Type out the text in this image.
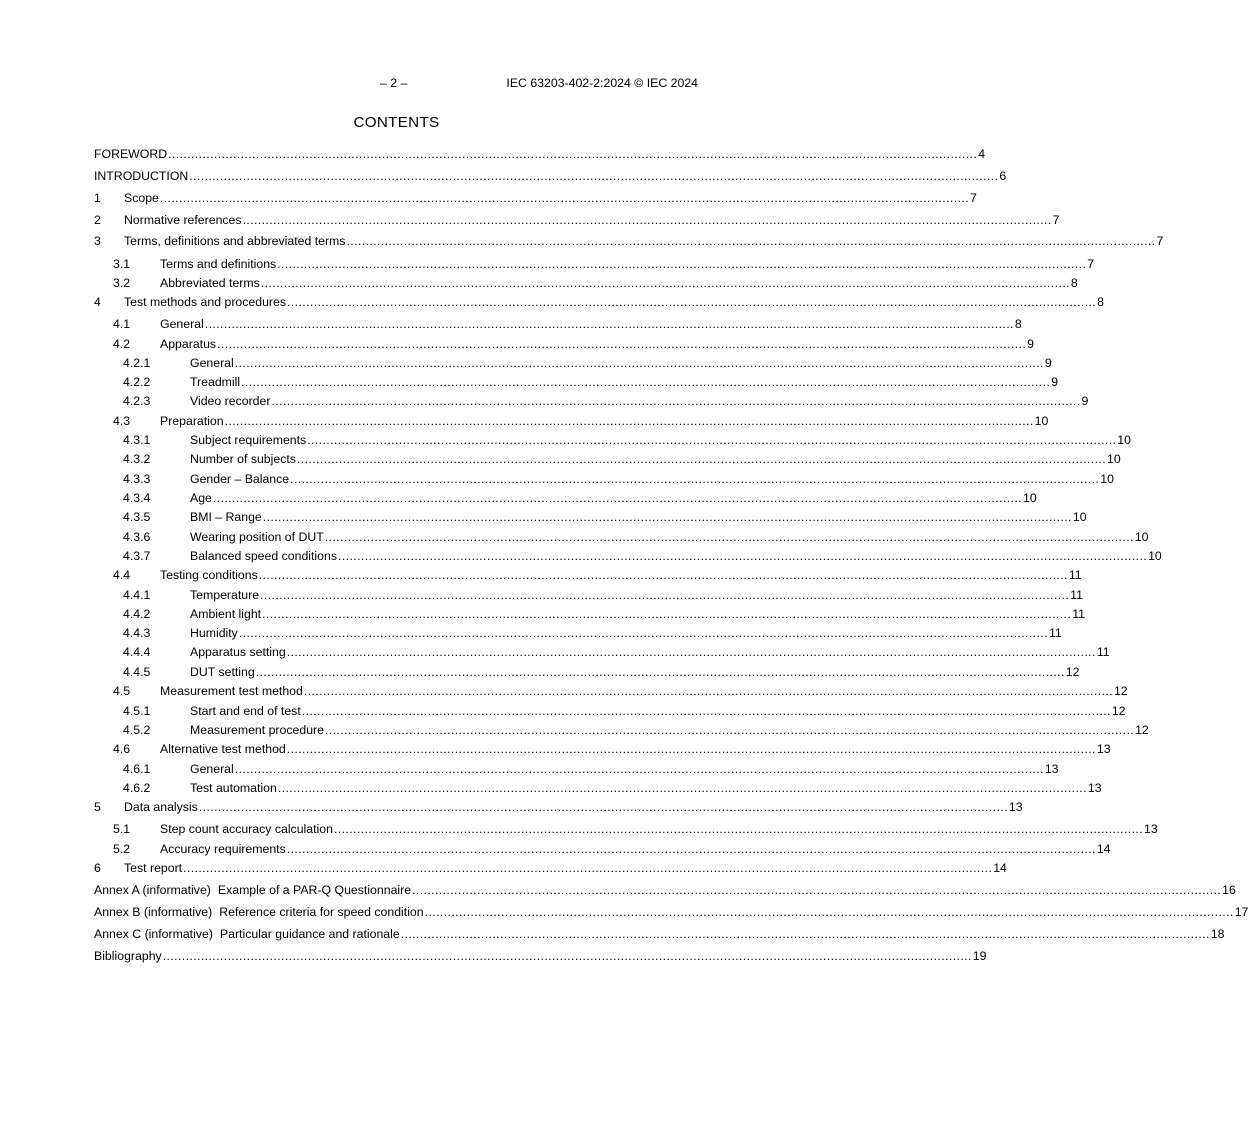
– 2 –	IEC 63203-402-2:2024 © IEC 2024
CONTENTS
FOREWORD .................................................................................................................................................................................................................... 4
INTRODUCTION .................................................................................................................................................................................................................... 6
1 Scope .................................................................................................................................................................................................................... 7
2 Normative references .................................................................................................................................................................................................................... 7
3 Terms, definitions and abbreviated terms .................................................................................................................................................................................................................... 7
3.1 Terms and definitions .................................................................................................................................................................................................................... 7
3.2 Abbreviated terms .................................................................................................................................................................................................................... 8
4 Test methods and procedures .................................................................................................................................................................................................................... 8
4.1 General .................................................................................................................................................................................................................... 8
4.2 Apparatus .................................................................................................................................................................................................................... 9
4.2.1	General .................................................................................................................................................................................................................... 9
4.2.2	Treadmill .................................................................................................................................................................................................................... 9
4.2.3	Video recorder .................................................................................................................................................................................................................... 9
4.3 Preparation .................................................................................................................................................................................................................... 10
4.3.1	Subject requirements .................................................................................................................................................................................................................... 10
4.3.2	Number of subjects .................................................................................................................................................................................................................... 10
4.3.3	Gender – Balance .................................................................................................................................................................................................................... 10
4.3.4	Age .................................................................................................................................................................................................................... 10
4.3.5	BMI – Range .................................................................................................................................................................................................................... 10
4.3.6	Wearing position of DUT .................................................................................................................................................................................................................... 10
4.3.7	Balanced speed conditions .................................................................................................................................................................................................................... 10
4.4 Testing conditions .................................................................................................................................................................................................................... 11
4.4.1	Temperature .................................................................................................................................................................................................................... 11
4.4.2	Ambient light .................................................................................................................................................................................................................... 11
4.4.3	Humidity .................................................................................................................................................................................................................... 11
4.4.4	Apparatus setting .................................................................................................................................................................................................................... 11
4.4.5	DUT setting .................................................................................................................................................................................................................... 12
4.5 Measurement test method .................................................................................................................................................................................................................... 12
4.5.1	Start and end of test .................................................................................................................................................................................................................... 12
4.5.2	Measurement procedure .................................................................................................................................................................................................................... 12
4.6 Alternative test method .................................................................................................................................................................................................................... 13
4.6.1	General .................................................................................................................................................................................................................... 13
4.6.2	Test automation .................................................................................................................................................................................................................... 13
5 Data analysis .................................................................................................................................................................................................................... 13
5.1 Step count accuracy calculation .................................................................................................................................................................................................................... 13
5.2 Accuracy requirements .................................................................................................................................................................................................................... 14
6 Test report .................................................................................................................................................................................................................... 14
Annex A (informative) Example of a PAR-Q Questionnaire .................................................................................................................................................................................................................... 16
Annex B (informative) Reference criteria for speed condition .................................................................................................................................................................................................................... 17
Annex C (informative) Particular guidance and rationale .................................................................................................................................................................................................................... 18
Bibliography .................................................................................................................................................................................................................... 19
